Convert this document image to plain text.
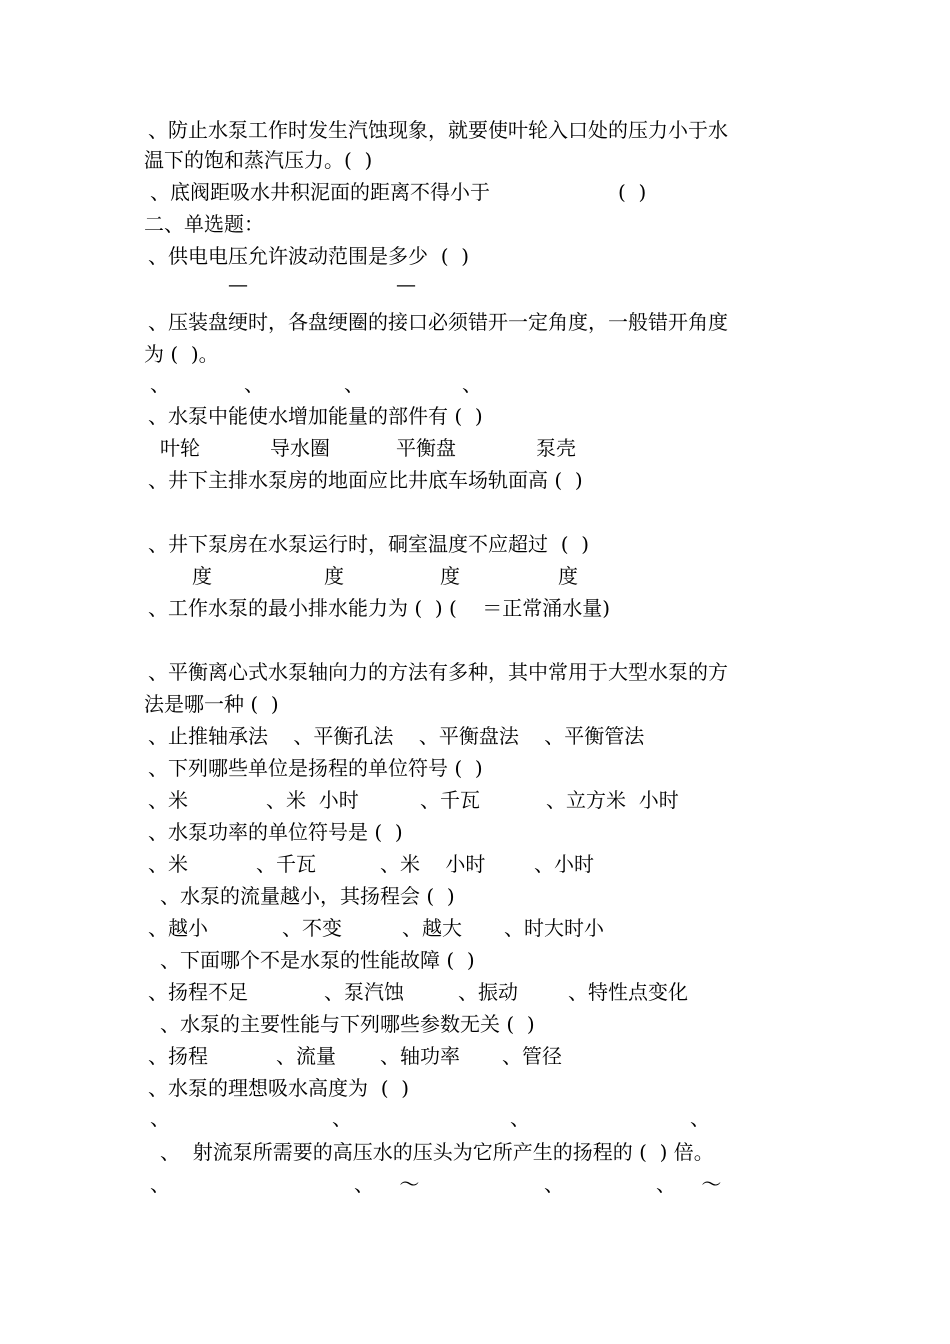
、防止水泵工作时发生汽蚀现象，就要使叶轮入口处的压力小于水
温下的饱和蒸汽压力。(  )
、底阀距吸水井积泥面的距离不得小于	(  )
二、单选题：
、供电电压允许波动范围是多少  (  )
—	—
、压装盘绠时，各盘绠圈的接口必须错开一定角度，一般错开角度
为 (  )。
、	、	、	、
、水泵中能使水增加能量的部件有 (  )
叶轮	导水圈	平衡盘	泵壳
、井下主排水泵房的地面应比井底车场轨面高 (  )
、井下泵房在水泵运行时，硐室温度不应超过  (  )
度	度	度	度
、工作水泵的最小排水能力为 (  ) (    ＝正常涌水量)
、平衡离心式水泵轴向力的方法有多种，其中常用于大型水泵的方
法是哪一种 (  )
、止推轴承法    、平衡孔法    、平衡盘法    、平衡管法
、下列哪些单位是扬程的单位符号 (  )
、米	、米  小时	、千瓦	、立方米  小时
、水泵功率的单位符号是 (  )
、米	、千瓦	、米    小时 、小时
、水泵的流量越小，其扬程会 (  )
、越小	、不变	、越大 、时大时小
、下面哪个不是水泵的性能故障 (  )
、扬程不足	、泵汽蚀	、振动	、特性点变化
、水泵的主要性能与下列哪些参数无关 (  )
、扬程	、流量 、轴功率 、管径
、水泵的理想吸水高度为  (  )
、	、	、	、
、  射流泵所需要的高压水的压头为它所产生的扬程的 (  ) 倍。
、	、    ～	、	、    ～
